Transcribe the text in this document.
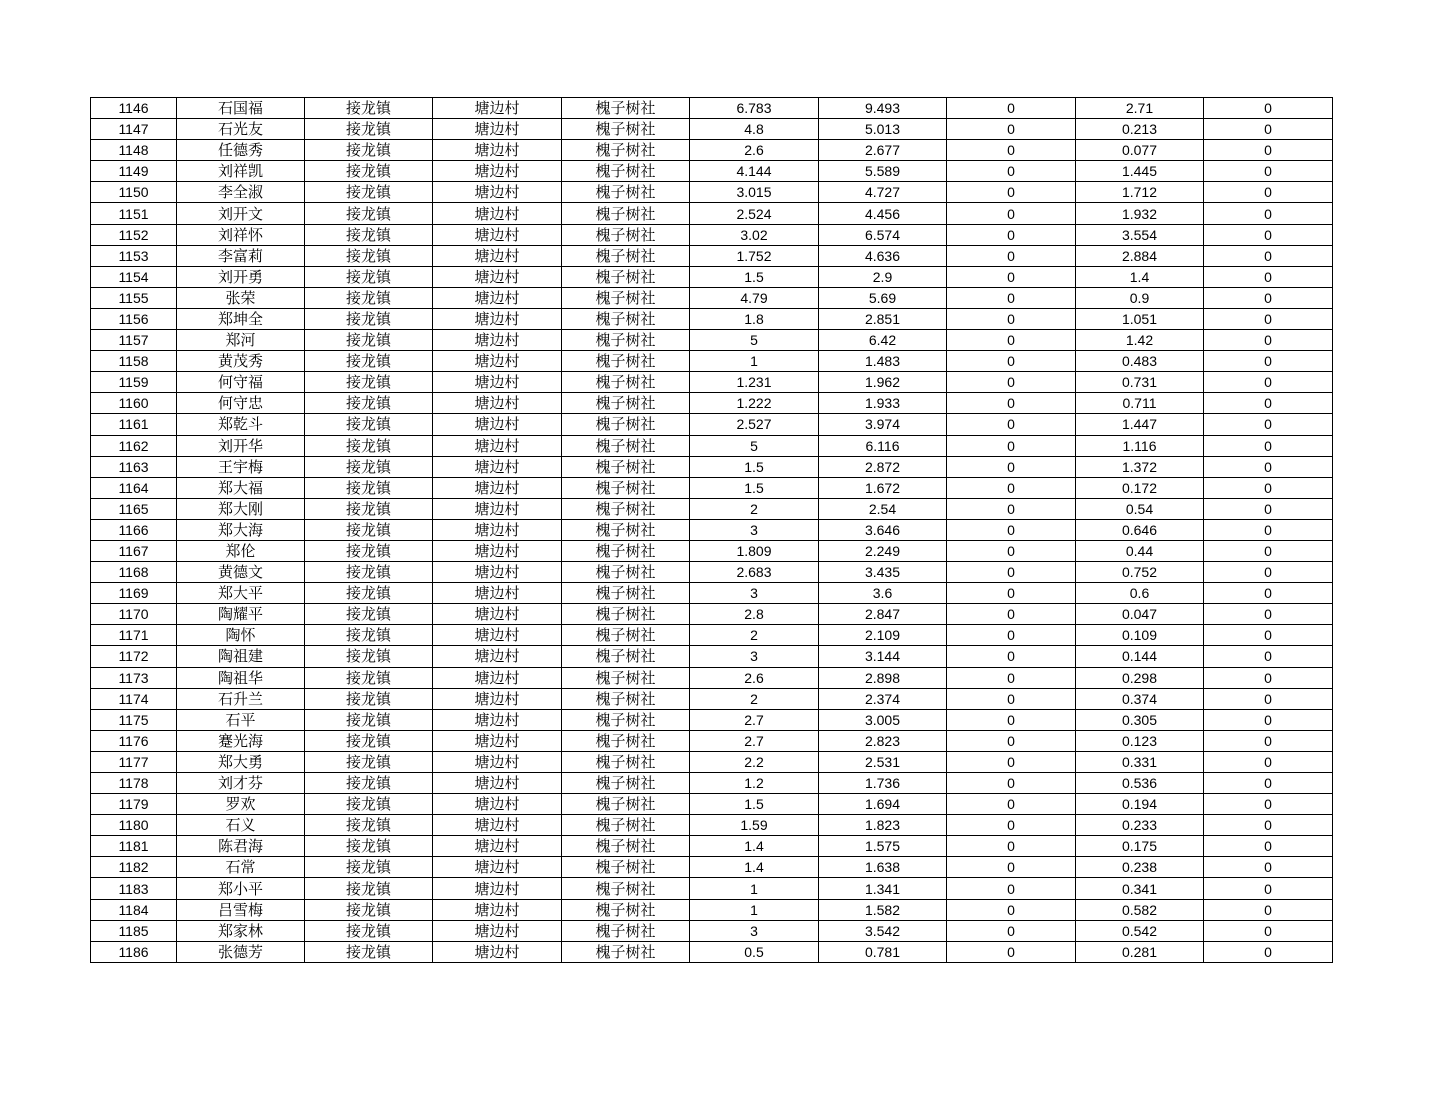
1146	石国福	接龙镇	塘边村	槐子树社	6.783	9.493	0	2.71	0
1147	石光友	接龙镇	塘边村	槐子树社	4.8	5.013	0	0.213	0
1148	任德秀	接龙镇	塘边村	槐子树社	2.6	2.677	0	0.077	0
1149	刘祥凯	接龙镇	塘边村	槐子树社	4.144	5.589	0	1.445	0
1150	李全淑	接龙镇	塘边村	槐子树社	3.015	4.727	0	1.712	0
1151	刘开文	接龙镇	塘边村	槐子树社	2.524	4.456	0	1.932	0
1152	刘祥怀	接龙镇	塘边村	槐子树社	3.02	6.574	0	3.554	0
1153	李富莉	接龙镇	塘边村	槐子树社	1.752	4.636	0	2.884	0
1154	刘开勇	接龙镇	塘边村	槐子树社	1.5	2.9	0	1.4	0
1155	张荣	接龙镇	塘边村	槐子树社	4.79	5.69	0	0.9	0
1156	郑坤全	接龙镇	塘边村	槐子树社	1.8	2.851	0	1.051	0
1157	郑河	接龙镇	塘边村	槐子树社	5	6.42	0	1.42	0
1158	黄茂秀	接龙镇	塘边村	槐子树社	1	1.483	0	0.483	0
1159	何守福	接龙镇	塘边村	槐子树社	1.231	1.962	0	0.731	0
1160	何守忠	接龙镇	塘边村	槐子树社	1.222	1.933	0	0.711	0
1161	郑乾斗	接龙镇	塘边村	槐子树社	2.527	3.974	0	1.447	0
1162	刘开华	接龙镇	塘边村	槐子树社	5	6.116	0	1.116	0
1163	王宇梅	接龙镇	塘边村	槐子树社	1.5	2.872	0	1.372	0
1164	郑大福	接龙镇	塘边村	槐子树社	1.5	1.672	0	0.172	0
1165	郑大刚	接龙镇	塘边村	槐子树社	2	2.54	0	0.54	0
1166	郑大海	接龙镇	塘边村	槐子树社	3	3.646	0	0.646	0
1167	郑伦	接龙镇	塘边村	槐子树社	1.809	2.249	0	0.44	0
1168	黄德文	接龙镇	塘边村	槐子树社	2.683	3.435	0	0.752	0
1169	郑大平	接龙镇	塘边村	槐子树社	3	3.6	0	0.6	0
1170	陶耀平	接龙镇	塘边村	槐子树社	2.8	2.847	0	0.047	0
1171	陶怀	接龙镇	塘边村	槐子树社	2	2.109	0	0.109	0
1172	陶祖建	接龙镇	塘边村	槐子树社	3	3.144	0	0.144	0
1173	陶祖华	接龙镇	塘边村	槐子树社	2.6	2.898	0	0.298	0
1174	石升兰	接龙镇	塘边村	槐子树社	2	2.374	0	0.374	0
1175	石平	接龙镇	塘边村	槐子树社	2.7	3.005	0	0.305	0
1176	蹇光海	接龙镇	塘边村	槐子树社	2.7	2.823	0	0.123	0
1177	郑大勇	接龙镇	塘边村	槐子树社	2.2	2.531	0	0.331	0
1178	刘才芬	接龙镇	塘边村	槐子树社	1.2	1.736	0	0.536	0
1179	罗欢	接龙镇	塘边村	槐子树社	1.5	1.694	0	0.194	0
1180	石义	接龙镇	塘边村	槐子树社	1.59	1.823	0	0.233	0
1181	陈君海	接龙镇	塘边村	槐子树社	1.4	1.575	0	0.175	0
1182	石常	接龙镇	塘边村	槐子树社	1.4	1.638	0	0.238	0
1183	郑小平	接龙镇	塘边村	槐子树社	1	1.341	0	0.341	0
1184	吕雪梅	接龙镇	塘边村	槐子树社	1	1.582	0	0.582	0
1185	郑家林	接龙镇	塘边村	槐子树社	3	3.542	0	0.542	0
1186	张德芳	接龙镇	塘边村	槐子树社	0.5	0.781	0	0.281	0
